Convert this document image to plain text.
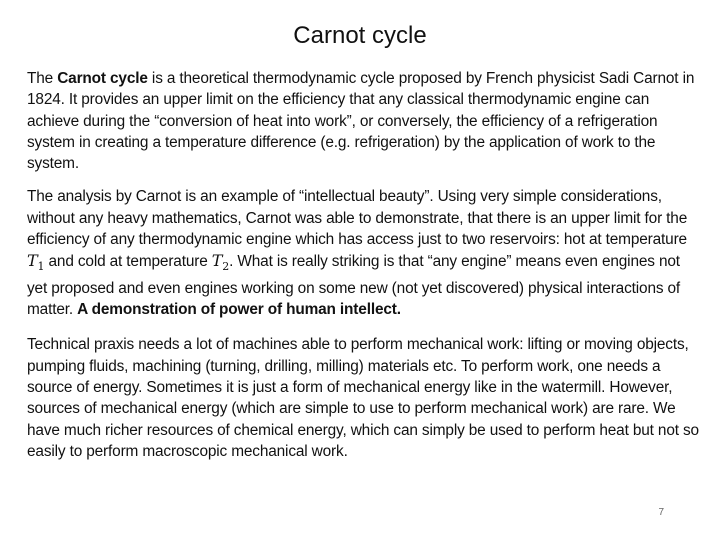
Carnot cycle

The Carnot cycle is a theoretical thermodynamic cycle proposed by French physicist Sadi Carnot in 1824. It provides an upper limit on the efficiency that any classical thermodynamic engine can achieve during the “conversion of heat into work”, or conversely, the efficiency of a refrigeration system in creating a temperature difference (e.g. refrigeration) by the application of work to the system.

The analysis by Carnot is an example of “intellectual beauty”. Using very simple considerations, without any heavy mathematics, Carnot was able to demonstrate, that there is an upper limit for the efficiency of any thermodynamic engine which has access just to two reservoirs: hot at temperature $T_1$ and cold at temperature $T_2$. What is really striking is that “any engine” means even engines not yet proposed and even engines working on some new (not yet discovered) physical interactions of matter. A demonstration of power of human intellect.

Technical praxis needs a lot of machines able to perform mechanical work: lifting or moving objects, pumping fluids, machining (turning, drilling, milling) materials etc. To perform work, one needs a source of energy. Sometimes it is just a form of mechanical energy like in the watermill. However, sources of mechanical energy (which are simple to use to perform mechanical work) are rare. We have much richer resources of chemical energy, which can simply be used to perform heat but not so easily to perform macroscopic mechanical work.

7
